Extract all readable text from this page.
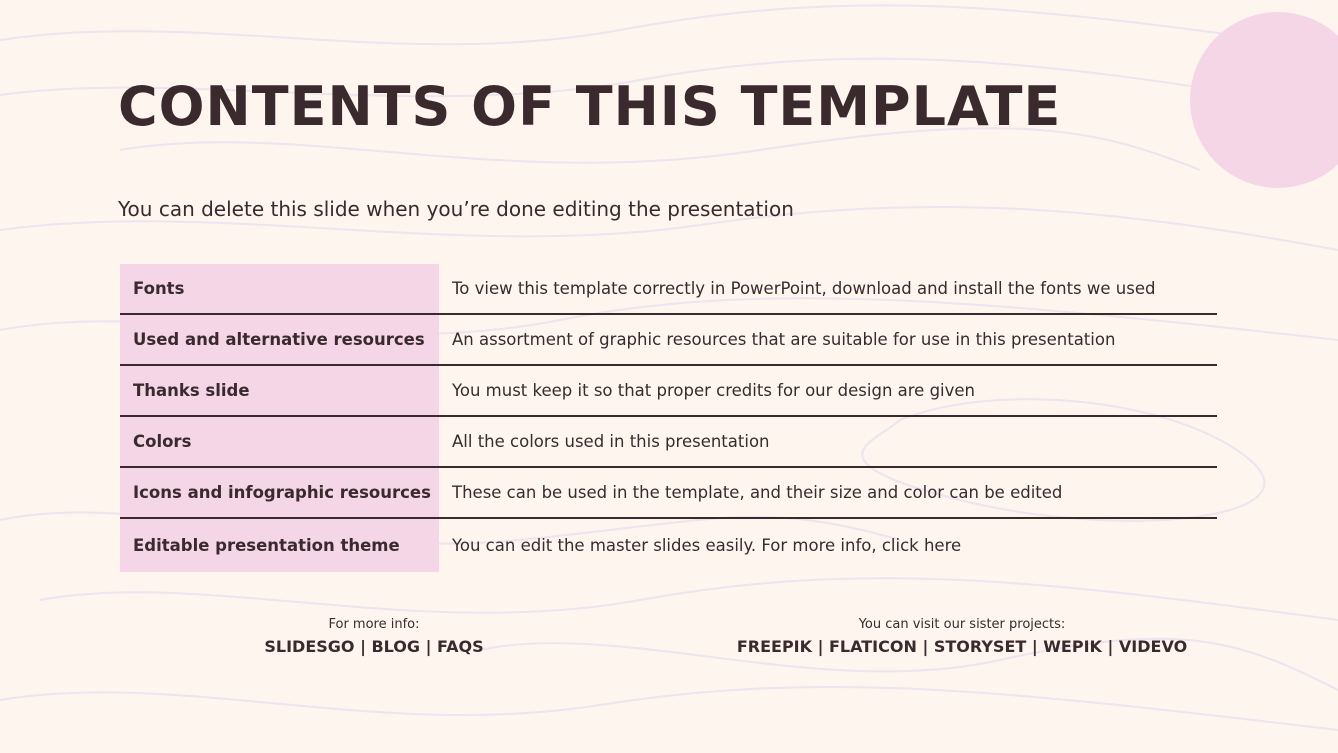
CONTENTS OF THIS TEMPLATE

You can delete this slide when you’re done editing the presentation

Fonts	To view this template correctly in PowerPoint, download and install the fonts we used
Used and alternative resources	An assortment of graphic resources that are suitable for use in this presentation
Thanks slide	You must keep it so that proper credits for our design are given
Colors	All the colors used in this presentation
Icons and infographic resources	These can be used in the template, and their size and color can be edited
Editable presentation theme	You can edit the master slides easily. For more info, click here
For more info:
SLIDESGO | BLOG | FAQS
You can visit our sister projects:
FREEPIK | FLATICON | STORYSET | WEPIK | VIDEVO
